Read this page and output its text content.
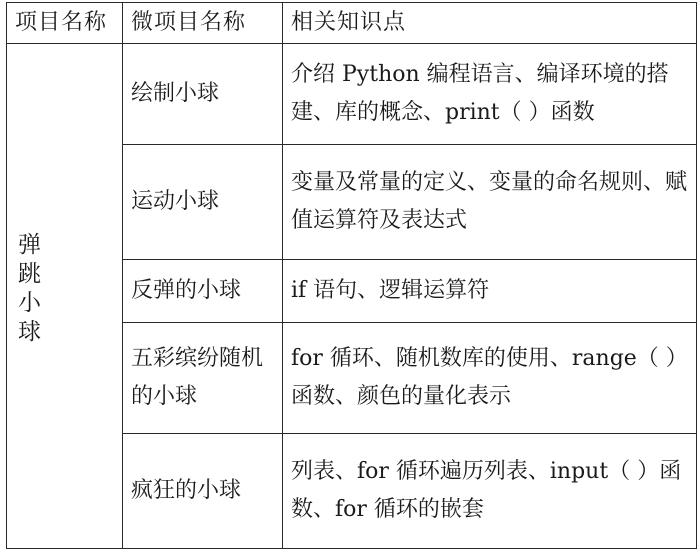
项目名称	微项目名称	相关知识点
弹跳小球	绘制小球	介绍 Python 编程语言、编译环境的搭建、库的概念、print（ ）函数
	运动小球	变量及常量的定义、变量的命名规则、赋值运算符及表达式
	反弹的小球	if 语句、逻辑运算符
	五彩缤纷随机的小球	for 循环、随机数库的使用、range（ ）函数、颜色的量化表示
	疯狂的小球	列表、for 循环遍历列表、input（ ）函数、for 循环的嵌套
